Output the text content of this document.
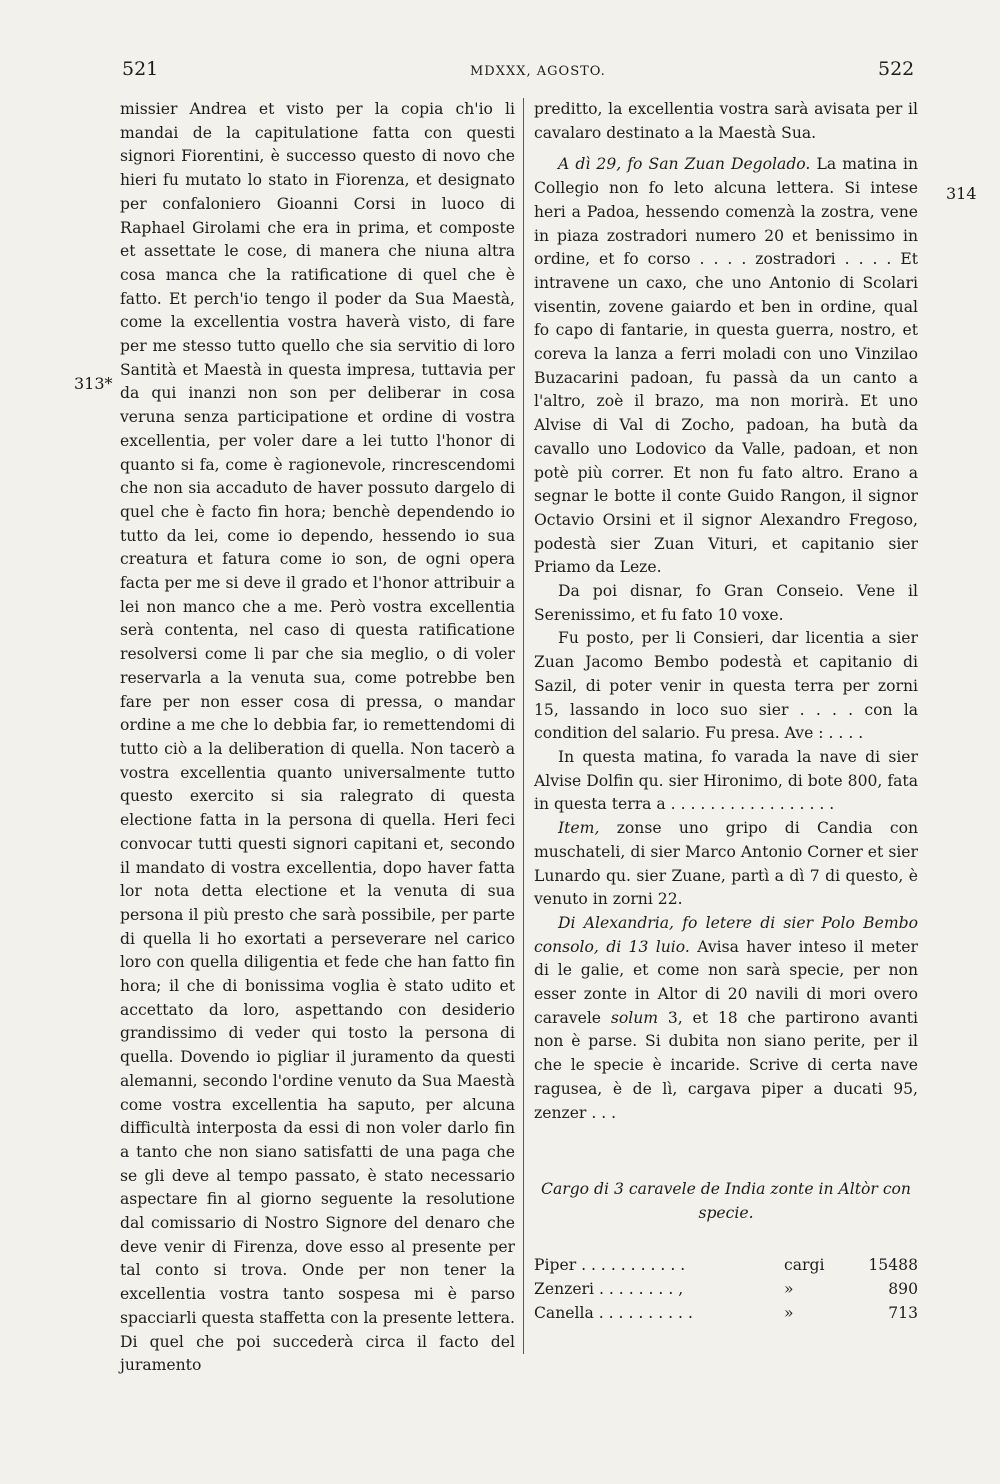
521	MDXXX, AGOSTO.	522
313*
314

missier Andrea et visto per la copia ch'io li mandai de la capitulatione fatta con questi signori Fiorentini, è successo questo di novo che hieri fu mutato lo stato in Fiorenza, et designato per confaloniero Gioanni Corsi in luoco di Raphael Girolami che era in prima, et composte et assettate le cose, di manera che niuna altra cosa manca che la ratificatione di quel che è fatto. Et perch'io tengo il poder da Sua Maestà, come la excellentia vostra haverà visto, di fare per me stesso tutto quello che sia servitio di loro Santità et Maestà in questa impresa, tuttavia per da qui inanzi non son per deliberar in cosa veruna senza participatione et ordine di vostra excellentia, per voler dare a lei tutto l'honor di quanto si fa, come è ragionevole, rincrescendomi che non sia accaduto de haver possuto dargelo di quel che è facto fin hora; benchè dependendo io tutto da lei, come io dependo, hessendo io sua creatura et fatura come io son, de ogni opera facta per me si deve il grado et l'honor attribuir a lei non manco che a me. Però vostra excellentia serà contenta, nel caso di questa ratificatione resolversi come li par che sia meglio, o di voler reservarla a la venuta sua, come potrebbe ben fare per non esser cosa di pressa, o mandar ordine a me che lo debbia far, io remettendomi di tutto ciò a la deliberation di quella. Non tacerò a vostra excellentia quanto universalmente tutto questo exercito si sia ralegrato di questa electione fatta in la persona di quella. Heri feci convocar tutti questi signori capitani et, secondo il mandato di vostra excellentia, dopo haver fatta lor nota detta electione et la venuta di sua persona il più presto che sarà possibile, per parte di quella li ho exortati a perseverare nel carico loro con quella diligentia et fede che han fatto fin hora; il che di bonissima voglia è stato udito et accettato da loro, aspettando con desiderio grandissimo di veder qui tosto la persona di quella. Dovendo io pigliar il juramento da questi alemanni, secondo l'ordine venuto da Sua Maestà come vostra excellentia ha saputo, per alcuna difficultà interposta da essi di non voler darlo fin a tanto che non siano satisfatti de una paga che se gli deve al tempo passato, è stato necessario aspectare fin al giorno seguente la resolutione dal comissario di Nostro Signore del denaro che deve venir di Firenza, dove esso al presente per tal conto si trova. Onde per non tener la excellentia vostra tanto sospesa mi è parso spacciarli questa staffetta con la presente lettera. Di quel che poi succederà circa il facto del juramento

preditto, la excellentia vostra sarà avisata per il cavalaro destinato a la Maestà Sua.

A dì 29, fo San Zuan Degolado. La matina in Collegio non fo leto alcuna lettera. Si intese heri a Padoa, hessendo comenzà la zostra, vene in piaza zostradori numero 20 et benissimo in ordine, et fo corso . . . . zostradori . . . . Et intravene un caxo, che uno Antonio di Scolari visentin, zovene gaiardo et ben in ordine, qual fo capo di fantarie, in questa guerra, nostro, et coreva la lanza a ferri moladi con uno Vinzilao Buzacarini padoan, fu passà da un canto a l'altro, zoè il brazo, ma non morirà. Et uno Alvise di Val di Zocho, padoan, ha butà da cavallo uno Lodovico da Valle, padoan, et non potè più correr. Et non fu fato altro. Erano a segnar le botte il conte Guido Rangon, il signor Octavio Orsini et il signor Alexandro Fregoso, podestà sier Zuan Vituri, et capitanio sier Priamo da Leze.

Da poi disnar, fo Gran Conseio. Vene il Serenissimo, et fu fato 10 voxe.

Fu posto, per li Consieri, dar licentia a sier Zuan Jacomo Bembo podestà et capitanio di Sazil, di poter venir in questa terra per zorni 15, lassando in loco suo sier . . . . con la condition del salario. Fu presa. Ave : . . . .

In questa matina, fo varada la nave di sier Alvise Dolfin qu. sier Hironimo, di bote 800, fata in questa terra a . . . . . . . . . . . . . . . . .

Item, zonse uno gripo di Candia con muschateli, di sier Marco Antonio Corner et sier Lunardo qu. sier Zuane, partì a dì 7 di questo, è venuto in zorni 22.

Di Alexandria, fo letere di sier Polo Bembo consolo, di 13 luio. Avisa haver inteso il meter di le galie, et come non sarà specie, per non esser zonte in Altor di 20 navili di mori overo caravele solum 3, et 18 che partirono avanti non è parse. Si dubita non siano perite, per il che le specie è incaride. Scrive di certa nave ragusea, è de lì, cargava piper a ducati 95, zenzer . . .

Cargo di 3 caravele de India zonte in Altòr con specie.

Piper . . . . . . . . . . .	cargi	15488
Zenzeri . . . . . . . . ,	»	890
Canella . . . . . . . . . .	»	713
